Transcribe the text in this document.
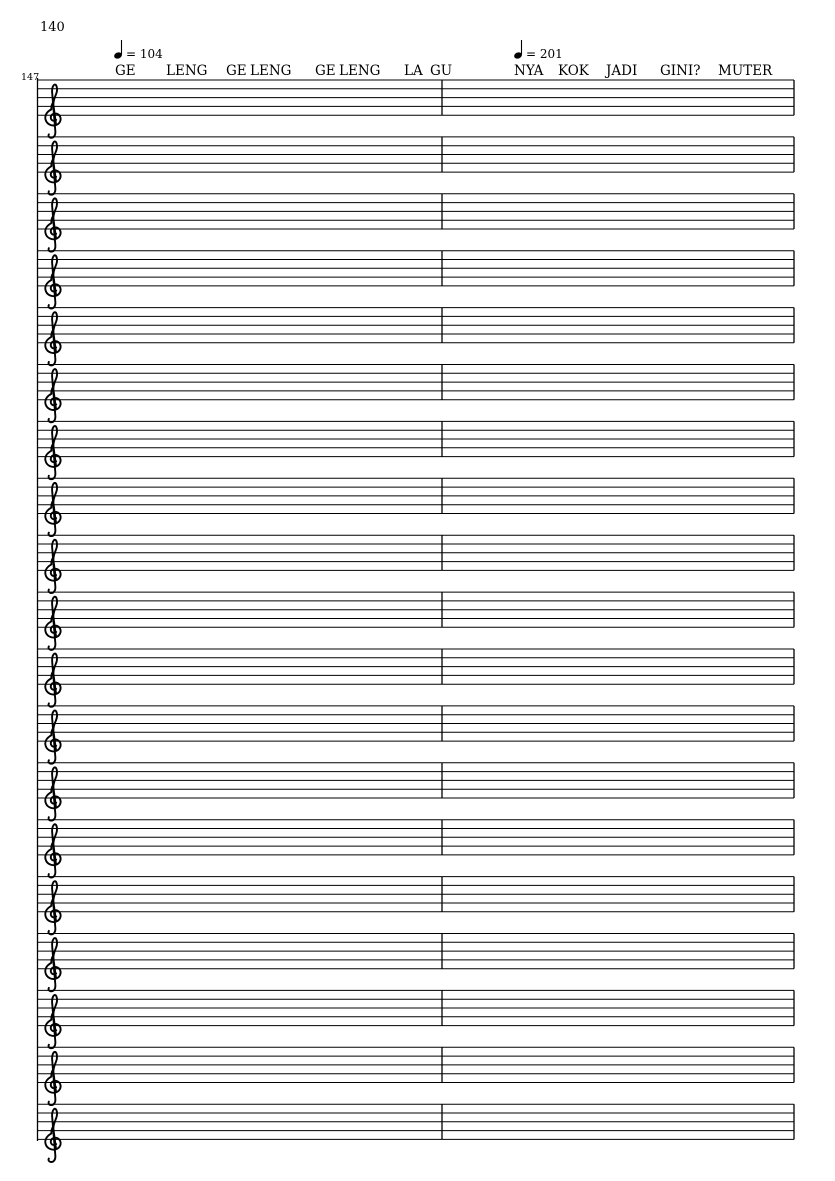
140
147
= 104	= 201
GE LENG GE LENG GE LENG LA GU	NYA KOK JADI GINI? MUTER
